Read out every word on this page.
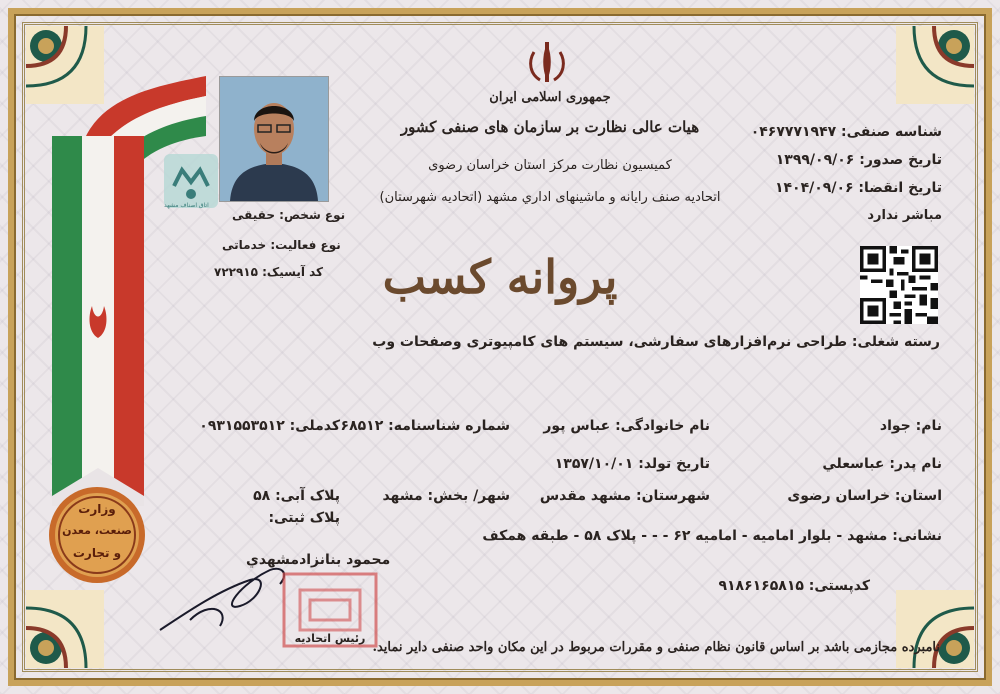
جمهوری اسلامی ایران
هیات عالی نظارت بر سازمان های صنفی کشور
کمیسیون نظارت مرکز استان خراسان رضوی
اتحادیه صنف رایانه و ماشینهای اداري مشهد (اتحادیه شهرستان)
پروانه کسب
شناسه صنفی: ۰۴۶۷۷۷۱۹۴۷
تاریخ صدور: ۱۳۹۹/۰۹/۰۶
تاریخ انقضا: ۱۴۰۴/۰۹/۰۶
مباشر ندارد
اتاق اصناف مشهد
نوع شخص: حقیقی
نوع فعالیت: خدماتی
کد آیسیک: ۷۲۲۹۱۵
وزارت
صنعت، معدن
و تجارت
رسته شغلی: طراحی نرم‌افزارهای سفارشی، سیستم های کامپیوتری وصفحات وب
نام: جواد
نام خانوادگی: عباس پور
شماره شناسنامه: ۶۸۵۱۲
کدملی: ۰۹۳۱۵۵۳۵۱۲
نام پدر: عباسعلي
تاریخ تولد: ۱۳۵۷/۱۰/۰۱
استان: خراسان رضوی
شهرستان: مشهد مقدس
شهر/ بخش: مشهد
پلاک آبی: ۵۸
پلاک ثبتی:
نشانی: مشهد - بلوار امامیه - امامیه ۶۲ - - - پلاک ۵۸ - طبقه همکف
کدپستی: ۹۱۸۶۱۶۵۸۱۵
محمود بنانزادمشهدي
رئیس اتحادیه
نامبرده مجازمی باشد بر اساس قانون نظام صنفی و مقررات مربوط در این مکان واحد صنفی دایر نماید.
